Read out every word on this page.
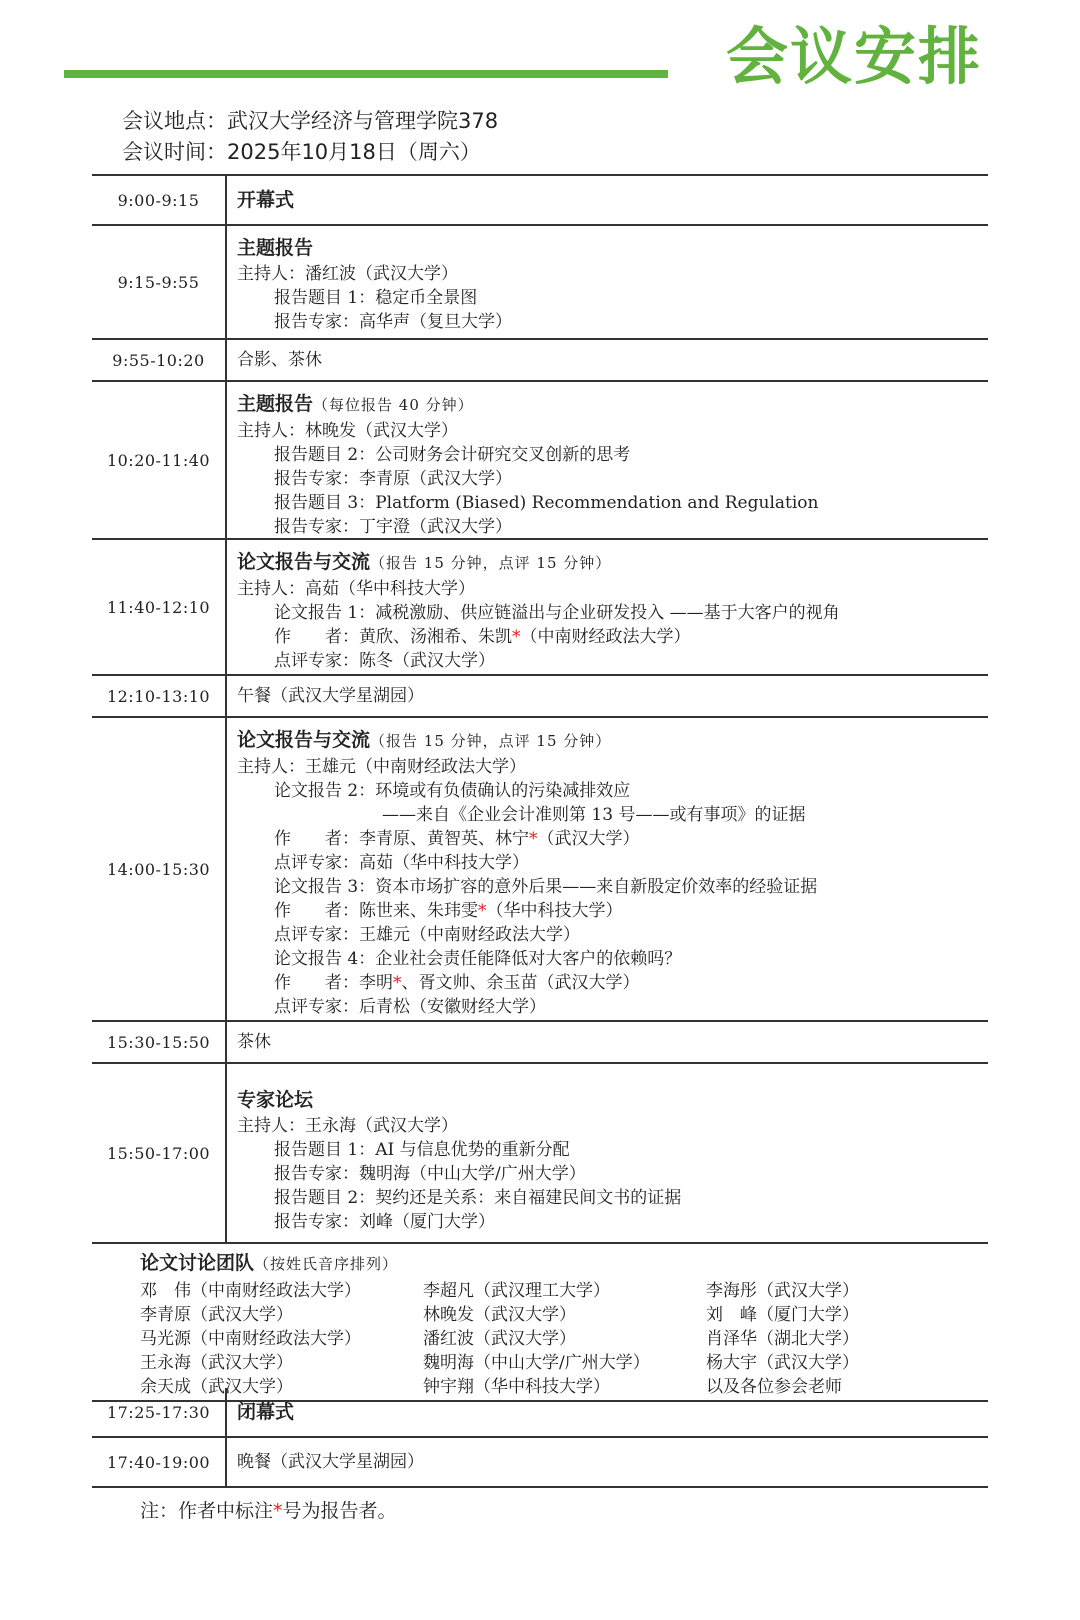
会议安排
会议地点：武汉大学经济与管理学院378
会议时间：2025年10月18日（周六）
9:00-9:15	开幕式
9:15-9:55
主题报告
主持人：潘红波（武汉大学）
报告题目 1：稳定币全景图
报告专家：高华声（复旦大学）
9:55-10:20	合影、茶休
10:20-11:40
主题报告（每位报告 40 分钟）
主持人：林晚发（武汉大学）
报告题目 2：公司财务会计研究交叉创新的思考
报告专家：李青原（武汉大学）
报告题目 3：Platform (Biased) Recommendation and Regulation
报告专家：丁宇澄（武汉大学）
11:40-12:10
论文报告与交流（报告 15 分钟，点评 15 分钟）
主持人：高茹（华中科技大学）
论文报告 1：减税激励、供应链溢出与企业研发投入 ——基于大客户的视角
作　　者：黄欣、汤湘希、朱凯*（中南财经政法大学）
点评专家：陈冬（武汉大学）
12:10-13:10	午餐（武汉大学星湖园）
14:00-15:30
论文报告与交流（报告 15 分钟，点评 15 分钟）
主持人：王雄元（中南财经政法大学）
论文报告 2：环境或有负债确认的污染减排效应
——来自《企业会计准则第 13 号——或有事项》的证据
作　　者：李青原、黄智英、林宁*（武汉大学）
点评专家：高茹（华中科技大学）
论文报告 3：资本市场扩容的意外后果——来自新股定价效率的经验证据
作　　者：陈世来、朱玮雯*（华中科技大学）
点评专家：王雄元（中南财经政法大学）
论文报告 4：企业社会责任能降低对大客户的依赖吗？
作　　者：李明*、胥文帅、余玉苗（武汉大学）
点评专家：后青松（安徽财经大学）
15:30-15:50	茶休
15:50-17:00
专家论坛
主持人：王永海（武汉大学）
报告题目 1：AI 与信息优势的重新分配
报告专家：魏明海（中山大学/广州大学）
报告题目 2：契约还是关系：来自福建民间文书的证据
报告专家：刘峰（厦门大学）
论文讨论团队（按姓氏音序排列）
邓　伟（中南财经政法大学）	李超凡（武汉理工大学）	李海彤（武汉大学）
李青原（武汉大学）	林晚发（武汉大学）	刘　峰（厦门大学）
马光源（中南财经政法大学）	潘红波（武汉大学）	肖泽华（湖北大学）
王永海（武汉大学）	魏明海（中山大学/广州大学）	杨大宇（武汉大学）
余天成（武汉大学）	钟宇翔（华中科技大学）	以及各位参会老师
17:25-17:30	闭幕式
17:40-19:00	晚餐（武汉大学星湖园）
注：作者中标注*号为报告者。
